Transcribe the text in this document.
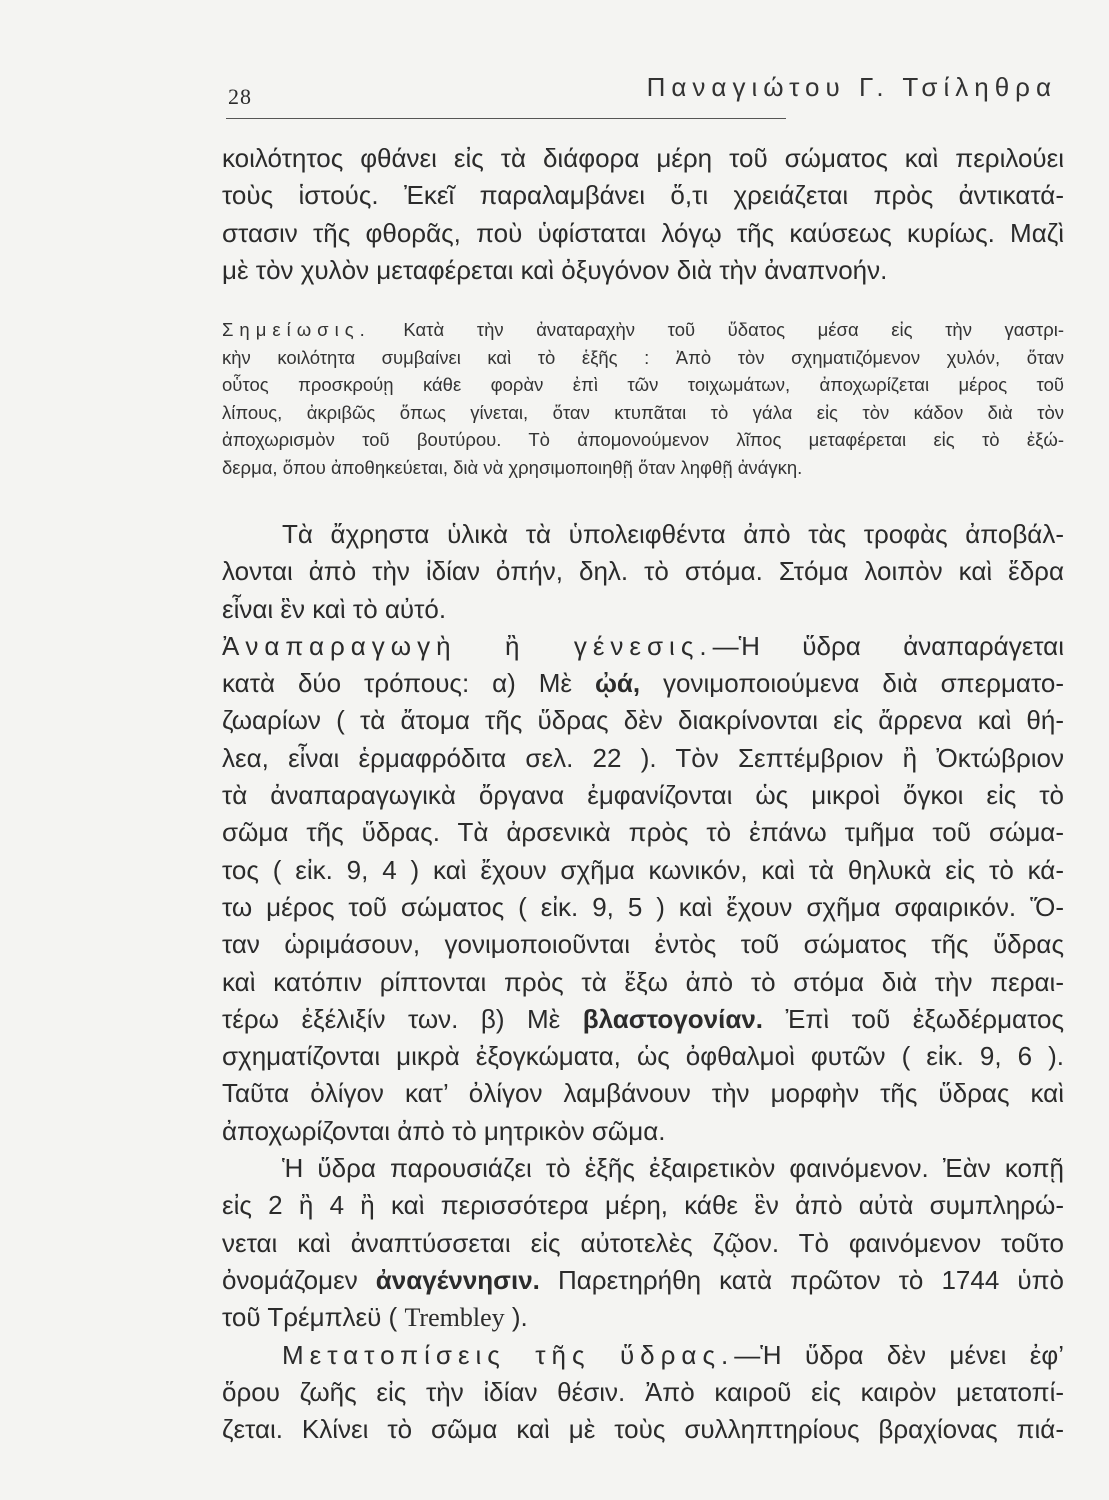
28	Παναγιώτου Γ. Τσίληθρα
κοιλότητος φθάνει εἰς τὰ διάφορα μέρη τοῦ σώματος καὶ περιλούει
τοὺς ἱστούς. Ἐκεῖ παραλαμβάνει ὅ,τι χρειάζεται πρὸς ἀντικατά-
στασιν τῆς φθορᾶς, ποὺ ὑφίσταται λόγῳ τῆς καύσεως κυρίως. Μαζὶ
μὲ τὸν χυλὸν μεταφέρεται καὶ ὀξυγόνον διὰ τὴν ἀναπνοήν.
Σημείωσις. Κατὰ τὴν ἀναταραχὴν τοῦ ὕδατος μέσα εἰς τὴν γαστρι-
κὴν κοιλότητα συμβαίνει καὶ τὸ ἑξῆς : Ἀπὸ τὸν σχηματιζόμενον χυλόν, ὅταν
οὗτος προσκρούῃ κάθε φορὰν ἐπὶ τῶν τοιχωμάτων, ἀποχωρίζεται μέρος τοῦ
λίπους, ἀκριβῶς ὅπως γίνεται, ὅταν κτυπᾶται τὸ γάλα εἰς τὸν κάδον διὰ τὸν
ἀποχωρισμὸν τοῦ βουτύρου. Τὸ ἀπομονούμενον λῖπος μεταφέρεται εἰς τὸ ἐξώ-
δερμα, ὅπου ἀποθηκεύεται, διὰ νὰ χρησιμοποιηθῇ ὅταν ληφθῇ ἀνάγκη.
Τὰ ἄχρηστα ὑλικὰ τὰ ὑπολειφθέντα ἀπὸ τὰς τροφὰς ἀποβάλ-
λονται ἀπὸ τὴν ἰδίαν ὀπήν, δηλ. τὸ στόμα. Στόμα λοιπὸν καὶ ἕδρα
εἶναι ἓν καὶ τὸ αὐτό.
Ἀναπαραγωγὴ ἢ γένεσις.—Ἡ ὕδρα ἀναπαράγεται
κατὰ δύο τρόπους: α) Μὲ ᾠά, γονιμοποιούμενα διὰ σπερματο-
ζωαρίων ( τὰ ἄτομα τῆς ὕδρας δὲν διακρίνονται εἰς ἄρρενα καὶ θή-
λεα, εἶναι ἑρμαφρόδιτα σελ. 22 ). Τὸν Σεπτέμβριον ἢ Ὀκτώβριον
τὰ ἀναπαραγωγικὰ ὄργανα ἐμφανίζονται ὡς μικροὶ ὄγκοι εἰς τὸ
σῶμα τῆς ὕδρας. Τὰ ἀρσενικὰ πρὸς τὸ ἐπάνω τμῆμα τοῦ σώμα-
τος ( εἰκ. 9, 4 ) καὶ ἔχουν σχῆμα κωνικόν, καὶ τὰ θηλυκὰ εἰς τὸ κά-
τω μέρος τοῦ σώματος ( εἰκ. 9, 5 ) καὶ ἔχουν σχῆμα σφαιρικόν. Ὅ-
ταν ὡριμάσουν, γονιμοποιοῦνται ἐντὸς τοῦ σώματος τῆς ὕδρας
καὶ κατόπιν ρίπτονται πρὸς τὰ ἔξω ἀπὸ τὸ στόμα διὰ τὴν περαι-
τέρω ἐξέλιξίν των. β) Μὲ βλαστογονίαν. Ἐπὶ τοῦ ἐξωδέρματος
σχηματίζονται μικρὰ ἐξογκώματα, ὡς ὀφθαλμοὶ φυτῶν ( εἰκ. 9, 6 ).
Ταῦτα ὀλίγον κατ’ ὀλίγον λαμβάνουν τὴν μορφὴν τῆς ὕδρας καὶ
ἀποχωρίζονται ἀπὸ τὸ μητρικὸν σῶμα.
Ἡ ὕδρα παρουσιάζει τὸ ἑξῆς ἐξαιρετικὸν φαινόμενον. Ἐὰν κοπῇ
εἰς 2 ἢ 4 ἢ καὶ περισσότερα μέρη, κάθε ἓν ἀπὸ αὐτὰ συμπληρώ-
νεται καὶ ἀναπτύσσεται εἰς αὐτοτελὲς ζῷον. Τὸ φαινόμενον τοῦτο
ὀνομάζομεν ἀναγέννησιν. Παρετηρήθη κατὰ πρῶτον τὸ 1744 ὑπὸ
τοῦ Τρέμπλεϋ ( Trembley ).
Μετατοπίσεις τῆς ὕδρας.—Ἡ ὕδρα δὲν μένει ἐφ’
ὅρου ζωῆς εἰς τὴν ἰδίαν θέσιν. Ἀπὸ καιροῦ εἰς καιρὸν μετατοπί-
ζεται. Κλίνει τὸ σῶμα καὶ μὲ τοὺς συλληπτηρίους βραχίονας πιά-
